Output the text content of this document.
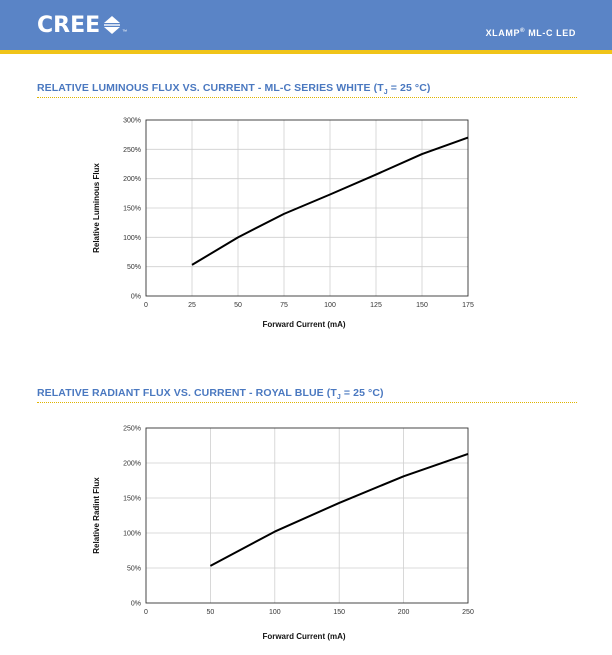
CREE	™	XLAMP® ML-C LED
RELATIVE LUMINOUS FLUX VS. CURRENT - ML-C SERIES WHITE ($T_J = 25$ °C)
0	25	50	75	100	125	150	175
0%
50%
100%
150%
200%
250%
300%
Forward Current (mA)
Relative Luminous Flux
RELATIVE RADIANT FLUX VS. CURRENT - ROYAL BLUE ($T_J = 25$ °C)
0	50	100	150	200	250
0%
50%
100%
150%
200%
250%
Forward Current (mA)
Relative Radint Flux
